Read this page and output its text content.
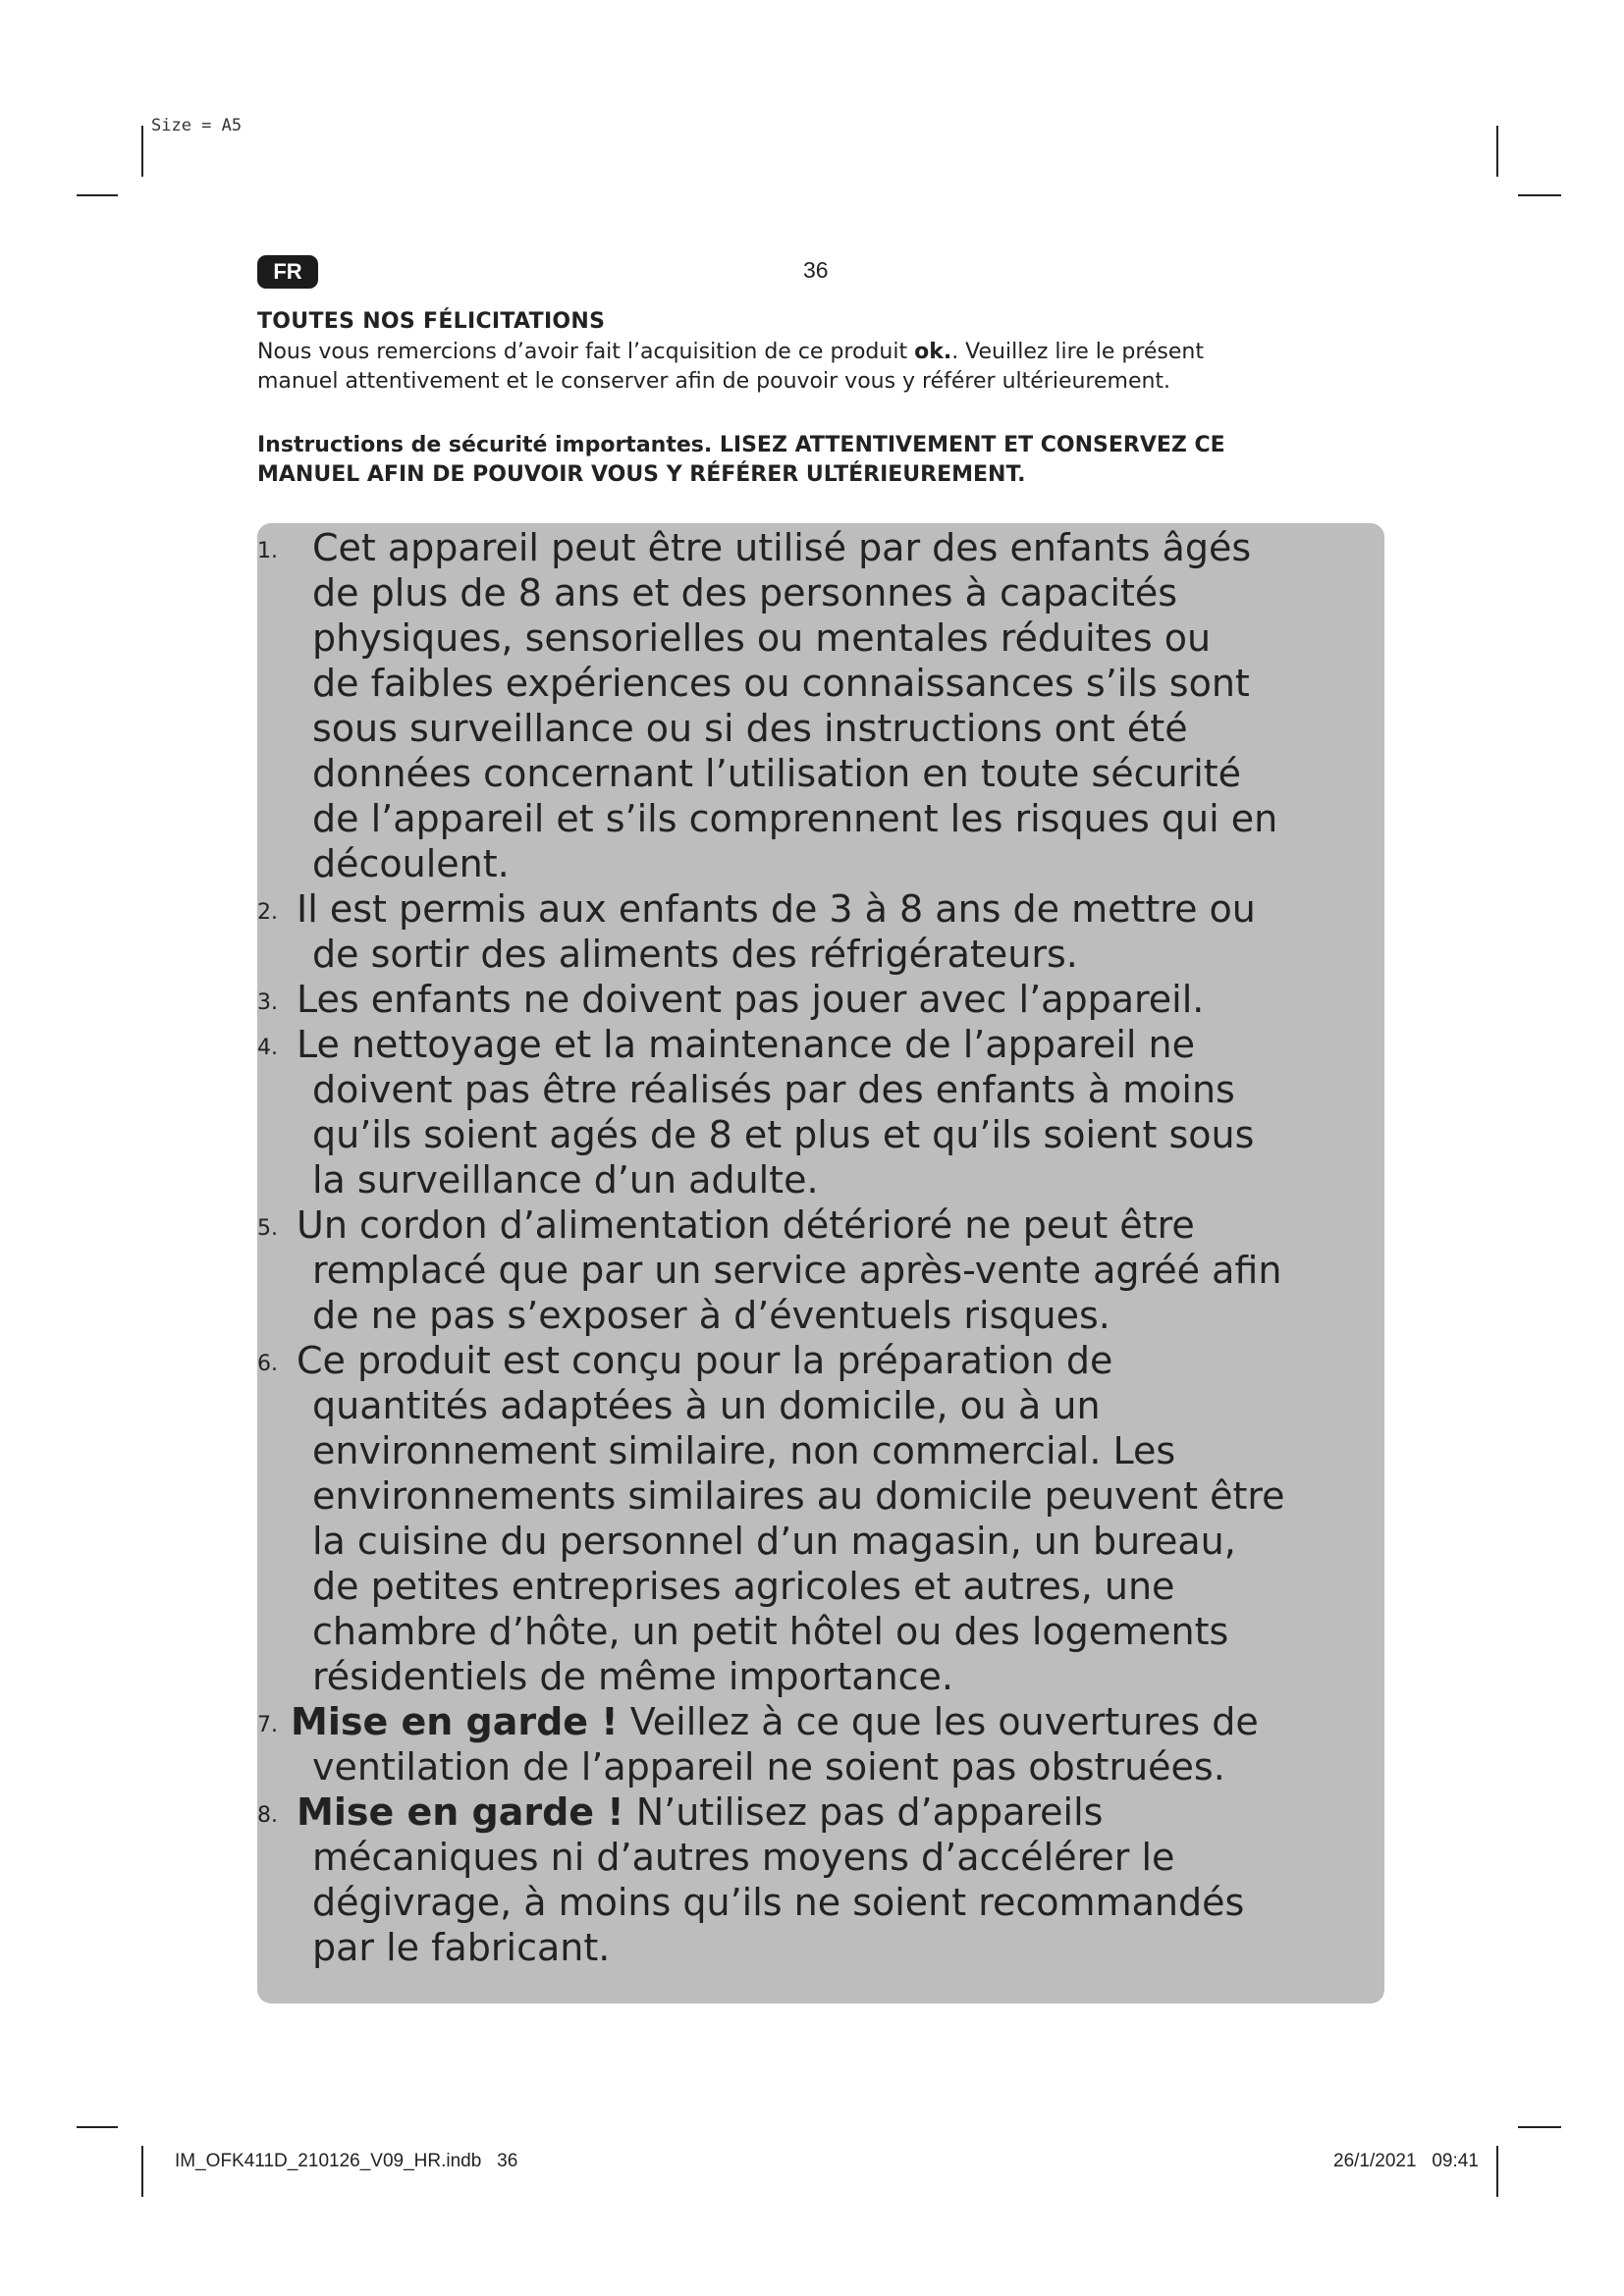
Size = A5
FR	36
TOUTES NOS FÉLICITATIONS
Nous vous remercions d’avoir fait l’acquisition de ce produit ok.. Veuillez lire le présent
manuel attentivement et le conserver afin de pouvoir vous y référer ultérieurement.
Instructions de sécurité importantes. LISEZ ATTENTIVEMENT ET CONSERVEZ CE
MANUEL AFIN DE POUVOIR VOUS Y RÉFÉRER ULTÉRIEUREMENT.
1. Cet appareil peut être utilisé par des enfants âgés
de plus de 8 ans et des personnes à capacités
physiques, sensorielles ou mentales réduites ou
de faibles expériences ou connaissances s’ils sont
sous surveillance ou si des instructions ont été
données concernant l’utilisation en toute sécurité
de l’appareil et s’ils comprennent les risques qui en
découlent.
2. Il est permis aux enfants de 3 à 8 ans de mettre ou
de sortir des aliments des réfrigérateurs.
3. Les enfants ne doivent pas jouer avec l’appareil.
4. Le nettoyage et la maintenance de l’appareil ne
doivent pas être réalisés par des enfants à moins
qu’ils soient agés de 8 et plus et qu’ils soient sous
la surveillance d’un adulte.
5. Un cordon d’alimentation détérioré ne peut être
remplacé que par un service après-vente agréé afin
de ne pas s’exposer à d’éventuels risques.
6. Ce produit est conçu pour la préparation de
quantités adaptées à un domicile, ou à un
environnement similaire, non commercial. Les
environnements similaires au domicile peuvent être
la cuisine du personnel d’un magasin, un bureau,
de petites entreprises agricoles et autres, une
chambre d’hôte, un petit hôtel ou des logements
résidentiels de même importance.
7. Mise en garde ! Veillez à ce que les ouvertures de
ventilation de l’appareil ne soient pas obstruées.
8. Mise en garde ! N’utilisez pas d’appareils
mécaniques ni d’autres moyens d’accélérer le
dégivrage, à moins qu’ils ne soient recommandés
par le fabricant.
IM_OFK411D_210126_V09_HR.indb   36	26/1/2021   09:41
